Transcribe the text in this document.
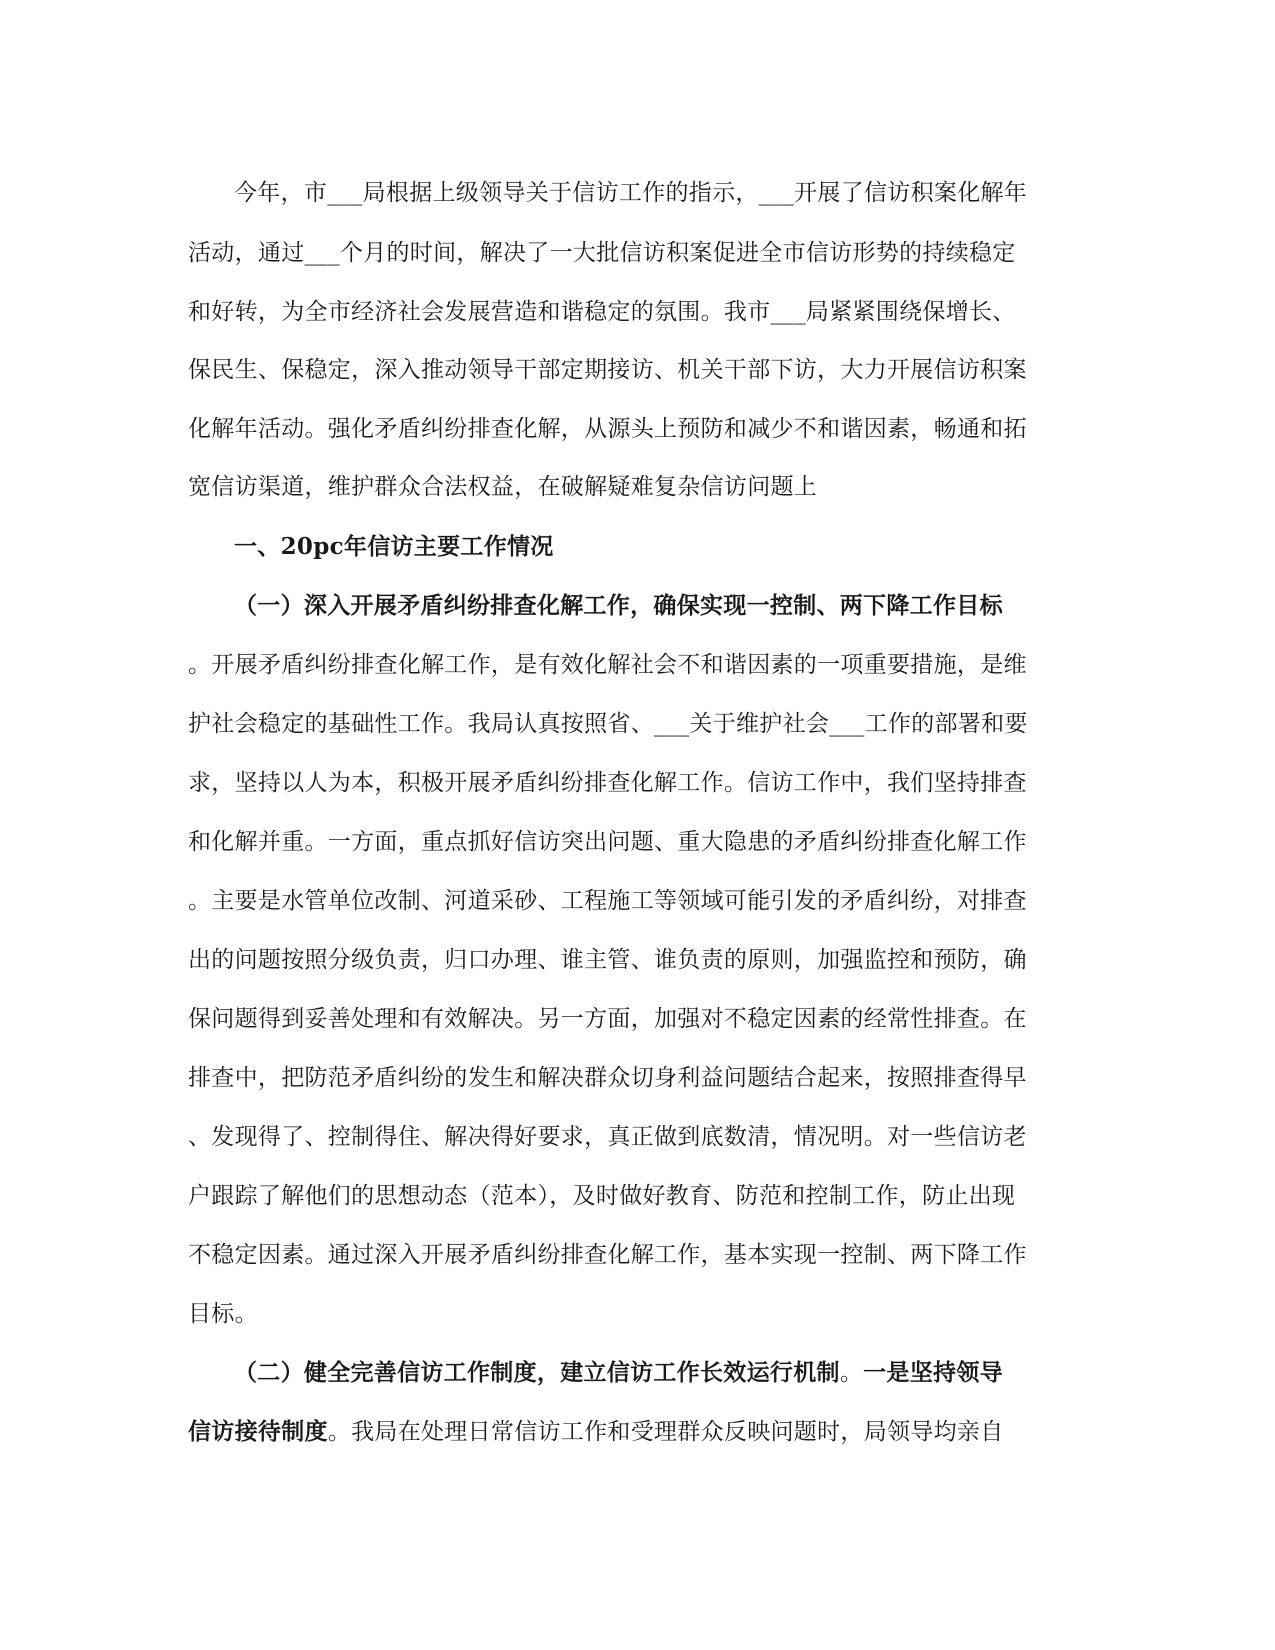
今年，市___局根据上级领导关于信访工作的指示，___开展了信访积案化解年
活动，通过___个月的时间，解决了一大批信访积案促进全市信访形势的持续稳定
和好转，为全市经济社会发展营造和谐稳定的氛围。我市___局紧紧围绕保增长、
保民生、保稳定，深入推动领导干部定期接访、机关干部下访，大力开展信访积案
化解年活动。强化矛盾纠纷排查化解，从源头上预防和减少不和谐因素，畅通和拓
宽信访渠道，维护群众合法权益，在破解疑难复杂信访问题上
一、20pc年信访主要工作情况
（一）深入开展矛盾纠纷排查化解工作，确保实现一控制、两下降工作目标
。开展矛盾纠纷排查化解工作，是有效化解社会不和谐因素的一项重要措施，是维
护社会稳定的基础性工作。我局认真按照省、___关于维护社会___工作的部署和要
求，坚持以人为本，积极开展矛盾纠纷排查化解工作。信访工作中，我们坚持排查
和化解并重。一方面，重点抓好信访突出问题、重大隐患的矛盾纠纷排查化解工作
。主要是水管单位改制、河道采砂、工程施工等领域可能引发的矛盾纠纷，对排查
出的问题按照分级负责，归口办理、谁主管、谁负责的原则，加强监控和预防，确
保问题得到妥善处理和有效解决。另一方面，加强对不稳定因素的经常性排查。在
排查中，把防范矛盾纠纷的发生和解决群众切身利益问题结合起来，按照排查得早
、发现得了、控制得住、解决得好要求，真正做到底数清，情况明。对一些信访老
户跟踪了解他们的思想动态（范本），及时做好教育、防范和控制工作，防止出现
不稳定因素。通过深入开展矛盾纠纷排查化解工作，基本实现一控制、两下降工作
目标。
（二）健全完善信访工作制度，建立信访工作长效运行机制。一是坚持领导
信访接待制度。我局在处理日常信访工作和受理群众反映问题时，局领导均亲自
